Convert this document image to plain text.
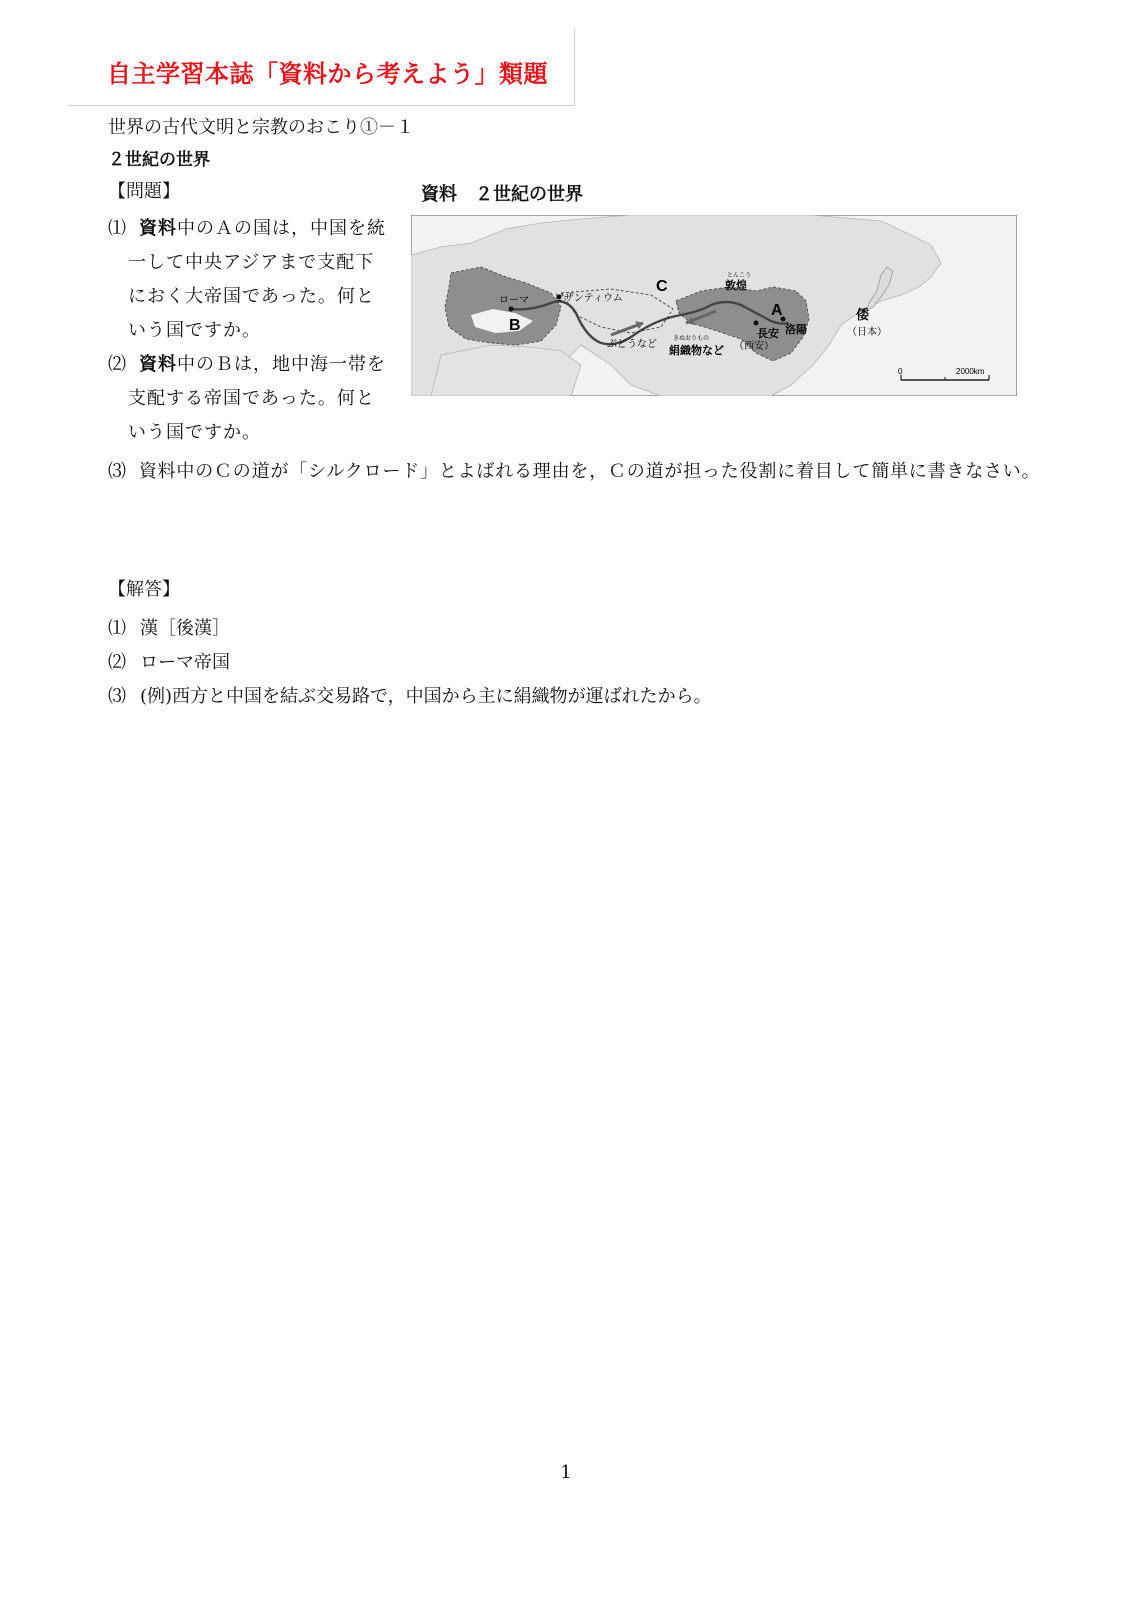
自主学習本誌「資料から考えよう」類題
世界の古代文明と宗教のおこり①－１
２世紀の世界
【問題】
⑴ 資料中のＡの国は，中国を統一して中央アジアまで支配下におく大帝国であった。何という国ですか。
⑵ 資料中のＢは，地中海一帯を支配する帝国であった。何という国ですか。
⑶ 資料中のＣの道が「シルクロード」とよばれる理由を，Ｃの道が担った役割に着目して簡単に書きなさい。
資料　２世紀の世界
ローマ	ビザンティウム
B
C
A
とんこう
敦煌
長安
（西安）
洛陽
倭
（日本）
ぶどうなど	きぬおりもの
絹織物など
0	2000km
【解答】
⑴ 漢［後漢］
⑵ ローマ帝国
⑶ (例)西方と中国を結ぶ交易路で，中国から主に絹織物が運ばれたから。
1
